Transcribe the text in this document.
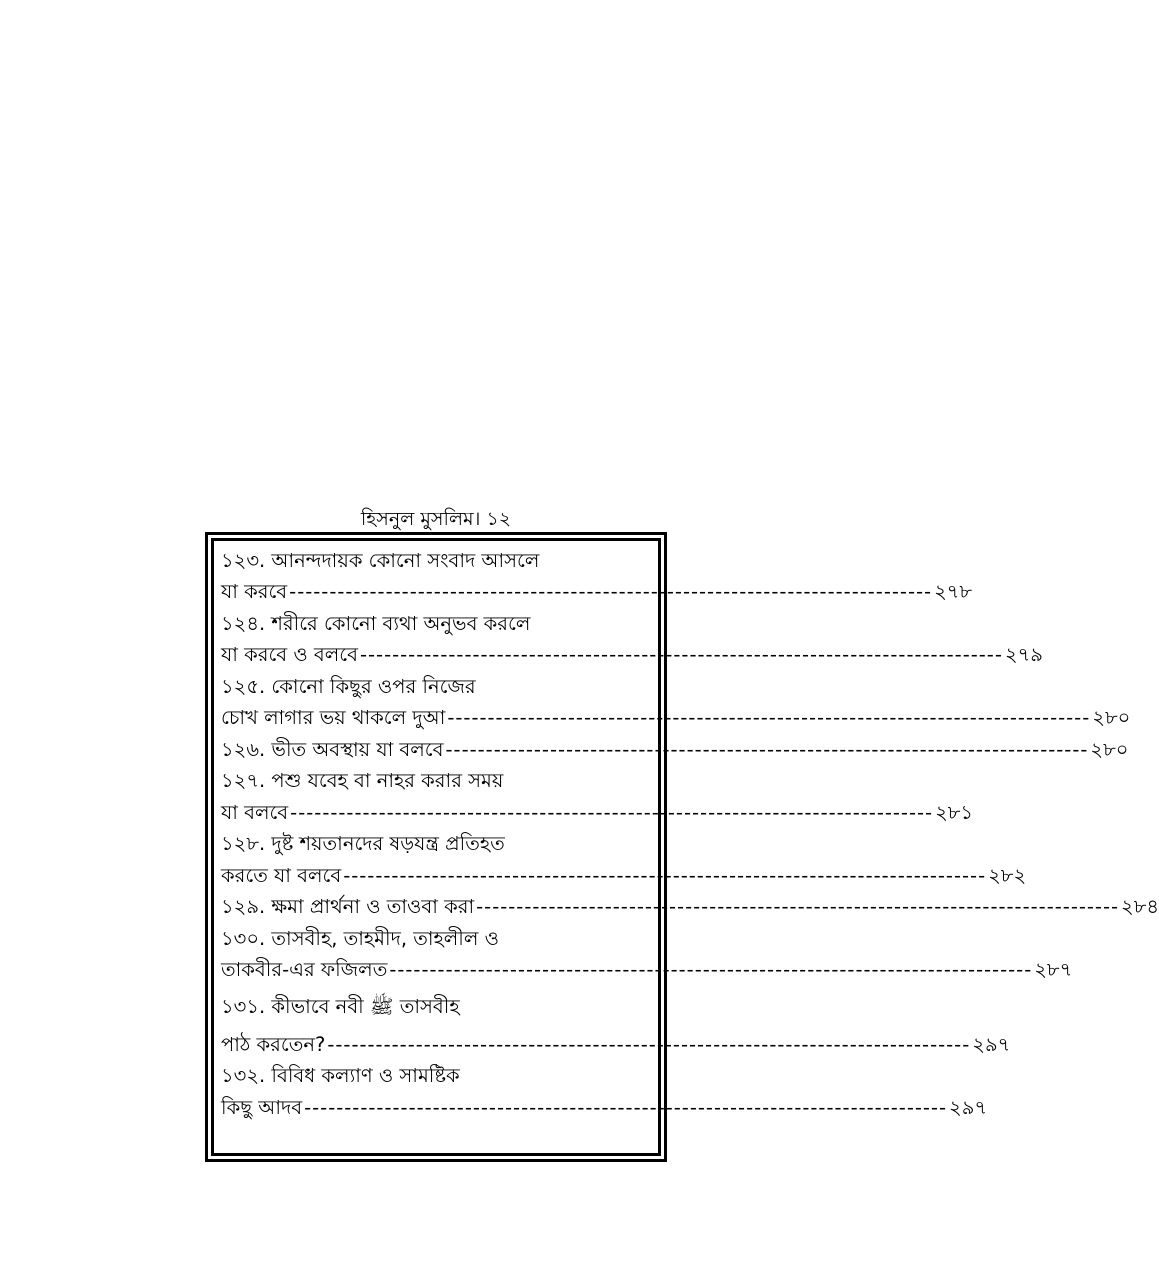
হিসনুল মুসলিম। ১২
১২৩. আনন্দদায়ক কোনো সংবাদ আসলে
যা করবে -------------------------------------------------------------------------------- ২৭৮
১২৪. শরীরে কোনো ব্যথা অনুভব করলে
যা করবে ও বলবে -------------------------------------------------------------------------------- ২৭৯
১২৫. কোনো কিছুর ওপর নিজের
চোখ লাগার ভয় থাকলে দুআ -------------------------------------------------------------------------------- ২৮০
১২৬. ভীত অবস্থায় যা বলবে -------------------------------------------------------------------------------- ২৮০
১২৭. পশু যবেহ বা নাহর করার সময়
যা বলবে -------------------------------------------------------------------------------- ২৮১
১২৮. দুষ্ট শয়তানদের ষড়যন্ত্র প্রতিহত
করতে যা বলবে -------------------------------------------------------------------------------- ২৮২
১২৯. ক্ষমা প্রার্থনা ও তাওবা করা -------------------------------------------------------------------------------- ২৮৪
১৩০. তাসবীহ, তাহমীদ, তাহলীল ও
তাকবীর-এর ফজিলত -------------------------------------------------------------------------------- ২৮৭
১৩১. কীভাবে নবী ﷺ তাসবীহ
পাঠ করতেন? -------------------------------------------------------------------------------- ২৯৭
১৩২. বিবিধ কল্যাণ ও সামষ্টিক
কিছু আদব -------------------------------------------------------------------------------- ২৯৭
